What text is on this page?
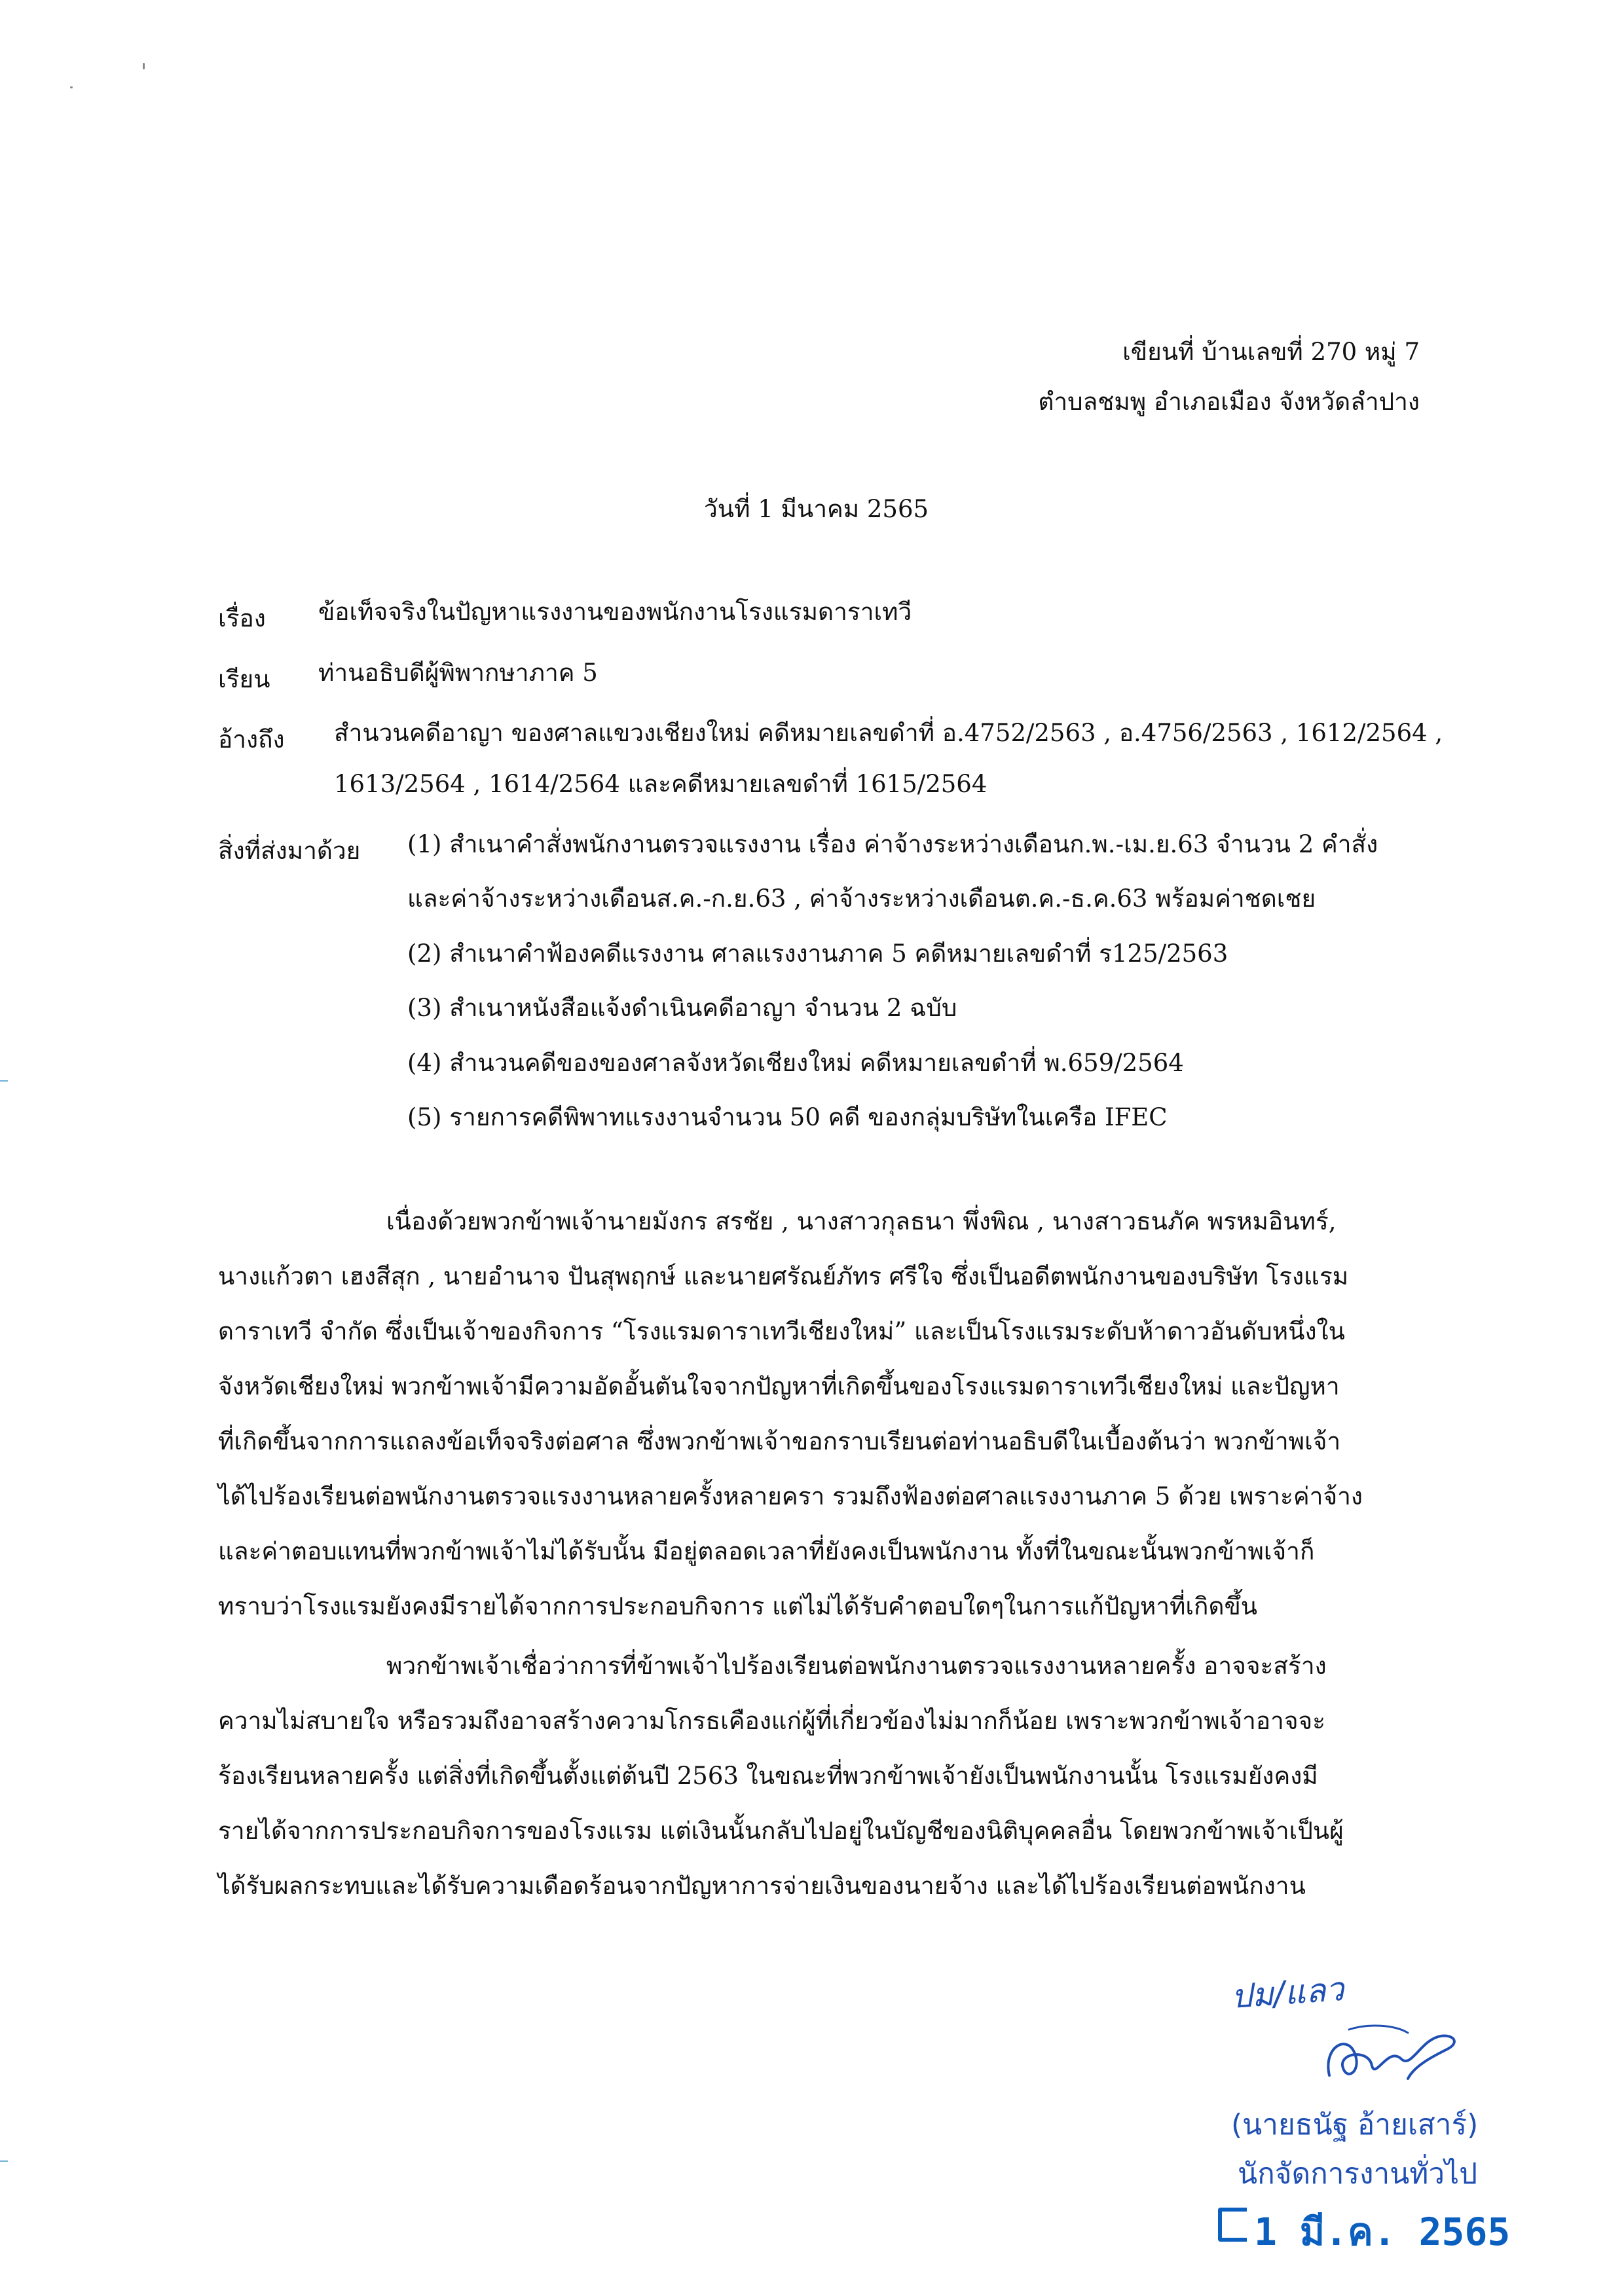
เขียนที่ บ้านเลขที่ 270 หมู่ 7
ตำบลชมพู อำเภอเมือง จังหวัดลำปาง
วันที่ 1 มีนาคม 2565
เรื่อง ข้อเท็จจริงในปัญหาแรงงานของพนักงานโรงแรมดาราเทวี
เรียน ท่านอธิบดีผู้พิพากษาภาค 5
อ้างถึง สำนวนคดีอาญา ของศาลแขวงเชียงใหม่ คดีหมายเลขดำที่ อ.4752/2563 , อ.4756/2563 , 1612/2564 ,
1613/2564 , 1614/2564 และคดีหมายเลขดำที่ 1615/2564
สิ่งที่ส่งมาด้วย (1) สำเนาคำสั่งพนักงานตรวจแรงงาน เรื่อง ค่าจ้างระหว่างเดือนก.พ.-เม.ย.63 จำนวน 2 คำสั่ง
และค่าจ้างระหว่างเดือนส.ค.-ก.ย.63 , ค่าจ้างระหว่างเดือนต.ค.-ธ.ค.63 พร้อมค่าชดเชย
(2) สำเนาคำฟ้องคดีแรงงาน ศาลแรงงานภาค 5 คดีหมายเลขดำที่ ร125/2563
(3) สำเนาหนังสือแจ้งดำเนินคดีอาญา จำนวน 2 ฉบับ
(4) สำนวนคดีของของศาลจังหวัดเชียงใหม่ คดีหมายเลขดำที่ พ.659/2564
(5) รายการคดีพิพาทแรงงานจำนวน 50 คดี ของกลุ่มบริษัทในเครือ IFEC
เนื่องด้วยพวกข้าพเจ้านายมังกร สรชัย , นางสาวกุลธนา พึ่งพิณ , นางสาวธนภัค พรหมอินทร์,
นางแก้วตา เฮงสีสุก , นายอำนาจ ปันสุพฤกษ์ และนายศรัณย์ภัทร ศรีใจ ซึ่งเป็นอดีตพนักงานของบริษัท โรงแรม
ดาราเทวี จำกัด ซึ่งเป็นเจ้าของกิจการ “โรงแรมดาราเทวีเชียงใหม่” และเป็นโรงแรมระดับห้าดาวอันดับหนึ่งใน
จังหวัดเชียงใหม่ พวกข้าพเจ้ามีความอัดอั้นตันใจจากปัญหาที่เกิดขึ้นของโรงแรมดาราเทวีเชียงใหม่ และปัญหา
ที่เกิดขึ้นจากการแถลงข้อเท็จจริงต่อศาล ซึ่งพวกข้าพเจ้าขอกราบเรียนต่อท่านอธิบดีในเบื้องต้นว่า พวกข้าพเจ้า
ได้ไปร้องเรียนต่อพนักงานตรวจแรงงานหลายครั้งหลายครา รวมถึงฟ้องต่อศาลแรงงานภาค 5 ด้วย เพราะค่าจ้าง
และค่าตอบแทนที่พวกข้าพเจ้าไม่ได้รับนั้น มีอยู่ตลอดเวลาที่ยังคงเป็นพนักงาน ทั้งที่ในขณะนั้นพวกข้าพเจ้าก็
ทราบว่าโรงแรมยังคงมีรายได้จากการประกอบกิจการ แต่ไม่ได้รับคำตอบใดๆในการแก้ปัญหาที่เกิดขึ้น
พวกข้าพเจ้าเชื่อว่าการที่ข้าพเจ้าไปร้องเรียนต่อพนักงานตรวจแรงงานหลายครั้ง อาจจะสร้าง
ความไม่สบายใจ หรือรวมถึงอาจสร้างความโกรธเคืองแก่ผู้ที่เกี่ยวข้องไม่มากก็น้อย เพราะพวกข้าพเจ้าอาจจะ
ร้องเรียนหลายครั้ง แต่สิ่งที่เกิดขึ้นตั้งแต่ต้นปี 2563 ในขณะที่พวกข้าพเจ้ายังเป็นพนักงานนั้น โรงแรมยังคงมี
รายได้จากการประกอบกิจการของโรงแรม แต่เงินนั้นกลับไปอยู่ในบัญชีของนิติบุคคลอื่น โดยพวกข้าพเจ้าเป็นผู้
ได้รับผลกระทบและได้รับความเดือดร้อนจากปัญหาการจ่ายเงินของนายจ้าง และได้ไปร้องเรียนต่อพนักงาน
ปม/แลว
(นายธนัฐ อ้ายเสาร์)
นักจัดการงานทั่วไป
1 มี.ค. 2565
